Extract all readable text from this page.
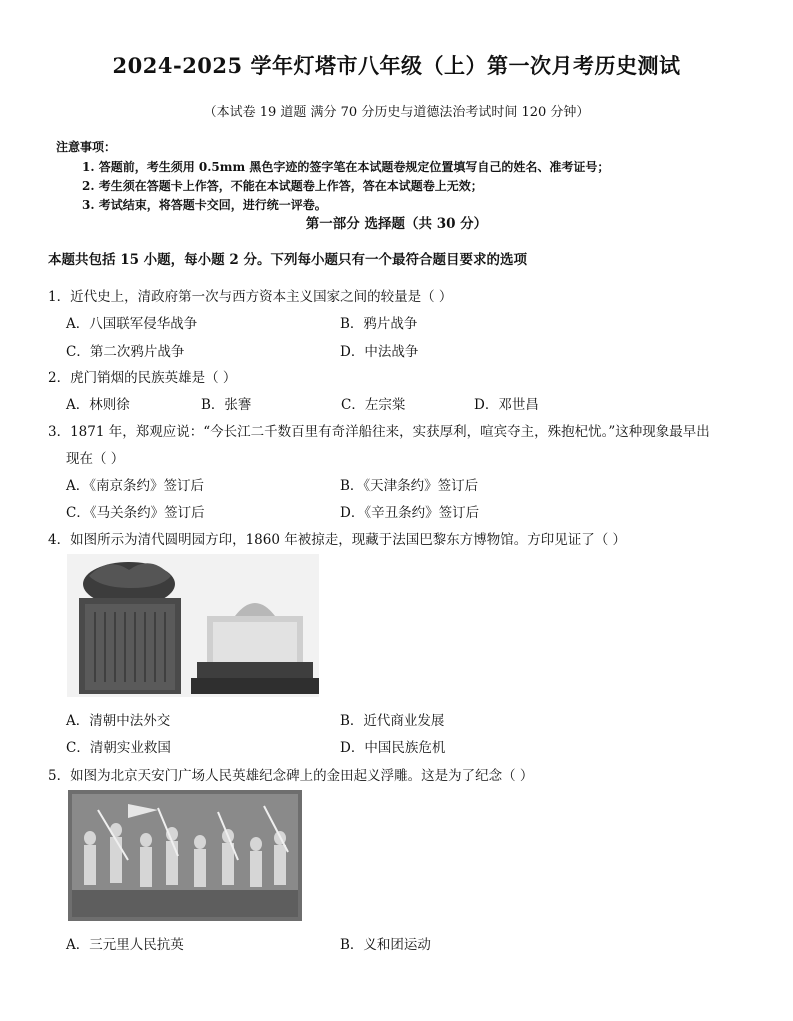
2024-2025 学年灯塔市八年级（上）第一次月考历史测试
（本试卷 19 道题 满分 70 分历史与道德法治考试时间 120 分钟）
注意事项：
1. 答题前，考生须用 0.5mm 黑色字迹的签字笔在本试题卷规定位置填写自己的姓名、准考证号；
2. 考生须在答题卡上作答，不能在本试题卷上作答，答在本试题卷上无效；
3. 考试结束，将答题卡交回，进行统一评卷。
第一部分 选择题（共 30 分）
本题共包括 15 小题，每小题 2 分。下列每小题只有一个最符合题目要求的选项
1．近代史上，清政府第一次与西方资本主义国家之间的较量是（ ）
A．八国联军侵华战争	B．鸦片战争
C．第二次鸦片战争	D．中法战争
2．虎门销烟的民族英雄是（ ）
A．林则徐	B．张謇	C．左宗棠	D．邓世昌
3．1871 年，郑观应说：“今长江二千数百里有奇洋船往来，实获厚利，喧宾夺主，殊抱杞忧。”这种现象最早出
现在（ ）
A．《南京条约》签订后	B．《天津条约》签订后
C．《马关条约》签订后	D．《辛丑条约》签订后
4．如图所示为清代圆明园方印，1860 年被掠走，现藏于法国巴黎东方博物馆。方印见证了（ ）
A．清朝中法外交	B．近代商业发展
C．清朝实业救国	D．中国民族危机
5．如图为北京天安门广场人民英雄纪念碑上的金田起义浮雕。这是为了纪念（ ）
A．三元里人民抗英	B．义和团运动
